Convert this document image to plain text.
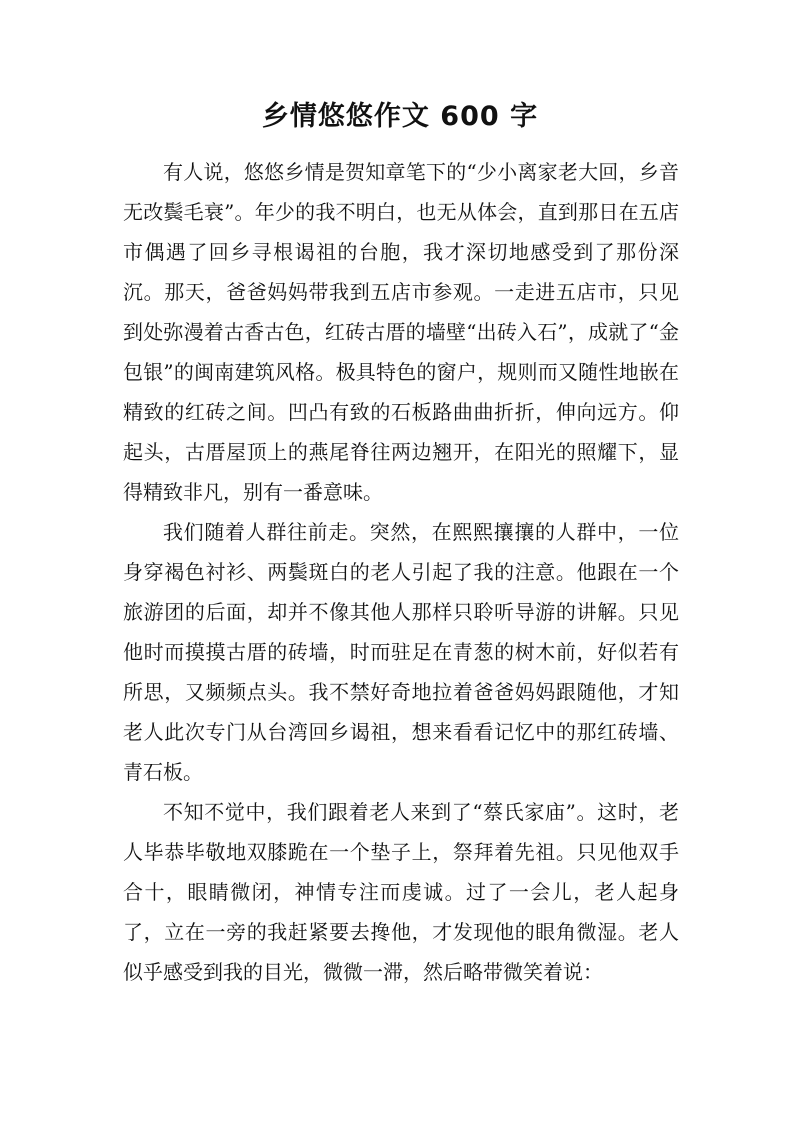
乡情悠悠作文 600 字

有人说，悠悠乡情是贺知章笔下的“少小离家老大回，乡音无改鬓毛衰”。年少的我不明白，也无从体会，直到那日在五店市偶遇了回乡寻根谒祖的台胞，我才深切地感受到了那份深沉。那天，爸爸妈妈带我到五店市参观。一走进五店市，只见到处弥漫着古香古色，红砖古厝的墙壁“出砖入石”，成就了“金包银”的闽南建筑风格。极具特色的窗户，规则而又随性地嵌在精致的红砖之间。凹凸有致的石板路曲曲折折，伸向远方。仰起头，古厝屋顶上的燕尾脊往两边翘开，在阳光的照耀下，显得精致非凡，别有一番意味。

我们随着人群往前走。突然，在熙熙攘攘的人群中，一位身穿褐色衬衫、两鬓斑白的老人引起了我的注意。他跟在一个旅游团的后面，却并不像其他人那样只聆听导游的讲解。只见他时而摸摸古厝的砖墙，时而驻足在青葱的树木前，好似若有所思，又频频点头。我不禁好奇地拉着爸爸妈妈跟随他，才知老人此次专门从台湾回乡谒祖，想来看看记忆中的那红砖墙、青石板。

不知不觉中，我们跟着老人来到了“蔡氏家庙”。这时，老人毕恭毕敬地双膝跪在一个垫子上，祭拜着先祖。只见他双手合十，眼睛微闭，神情专注而虔诚。过了一会儿，老人起身了，立在一旁的我赶紧要去搀他，才发现他的眼角微湿。老人似乎感受到我的目光，微微一滞，然后略带微笑着说：
